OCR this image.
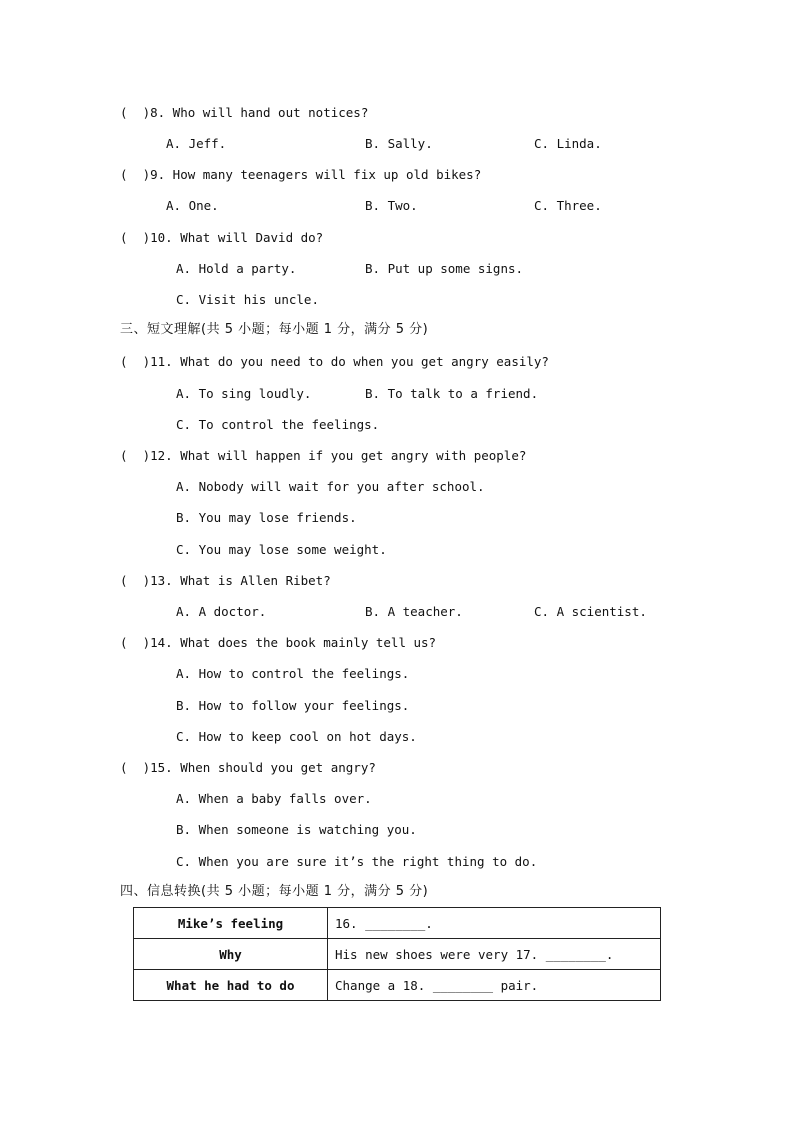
(  )8. Who will hand out notices?
A. Jeff.	B. Sally.	C. Linda.
(  )9. How many teenagers will fix up old bikes?
A. One.	B. Two.	C. Three.
(  )10. What will David do?
A. Hold a party.	B. Put up some signs.
C. Visit his uncle.
三、短文理解(共 5 小题；每小题 1 分，满分 5 分)
(  )11. What do you need to do when you get angry easily?
A. To sing loudly.	B. To talk to a friend.
C. To control the feelings.
(  )12. What will happen if you get angry with people?
A. Nobody will wait for you after school.
B. You may lose friends.
C. You may lose some weight.
(  )13. What is Allen Ribet?
A. A doctor.	B. A teacher.	C. A scientist.
(  )14. What does the book mainly tell us?
A. How to control the feelings.
B. How to follow your feelings.
C. How to keep cool on hot days.
(  )15. When should you get angry?
A. When a baby falls over.
B. When someone is watching you.
C. When you are sure it’s the right thing to do.
四、信息转换(共 5 小题；每小题 1 分，满分 5 分)
Mike’s feeling	16. ________.
Why	His new shoes were very 17. ________.
What he had to do	Change a 18. ________ pair.
